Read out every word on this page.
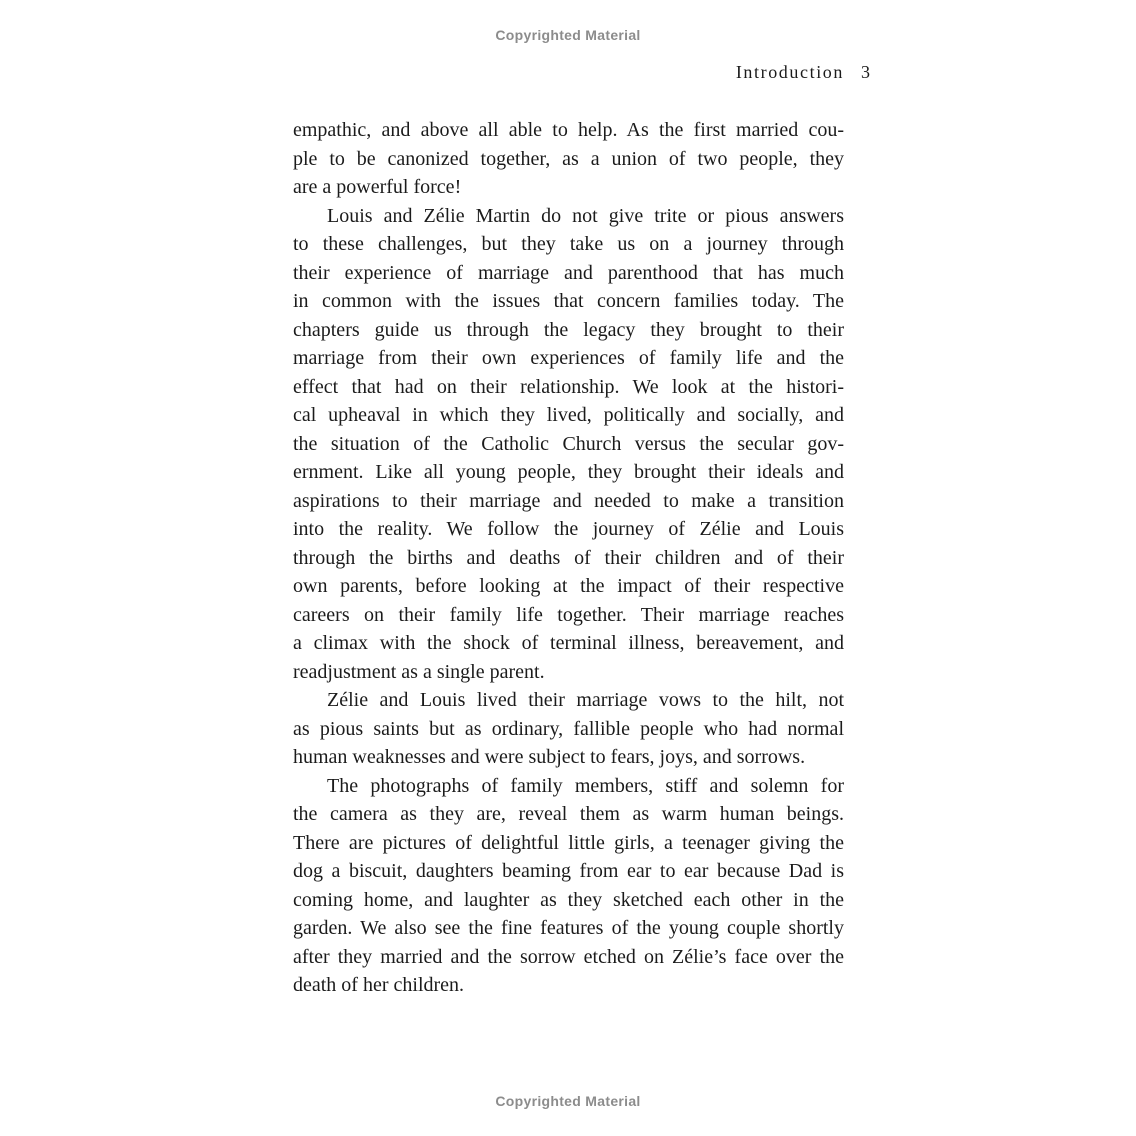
Copyrighted Material
Introduction 3
empathic, and above all able to help. As the first married cou-
ple to be canonized together, as a union of two people, they
are a powerful force!
Louis and Zélie Martin do not give trite or pious answers
to these challenges, but they take us on a journey through
their experience of marriage and parenthood that has much
in common with the issues that concern families today. The
chapters guide us through the legacy they brought to their
marriage from their own experiences of family life and the
effect that had on their relationship. We look at the histori-
cal upheaval in which they lived, politically and socially, and
the situation of the Catholic Church versus the secular gov-
ernment. Like all young people, they brought their ideals and
aspirations to their marriage and needed to make a transition
into the reality. We follow the journey of Zélie and Louis
through the births and deaths of their children and of their
own parents, before looking at the impact of their respective
careers on their family life together. Their marriage reaches
a climax with the shock of terminal illness, bereavement, and
readjustment as a single parent.
Zélie and Louis lived their marriage vows to the hilt, not
as pious saints but as ordinary, fallible people who had normal
human weaknesses and were subject to fears, joys, and sorrows.
The photographs of family members, stiff and solemn for
the camera as they are, reveal them as warm human beings.
There are pictures of delightful little girls, a teenager giving the
dog a biscuit, daughters beaming from ear to ear because Dad is
coming home, and laughter as they sketched each other in the
garden. We also see the fine features of the young couple shortly
after they married and the sorrow etched on Zélie’s face over the
death of her children.
Copyrighted Material
